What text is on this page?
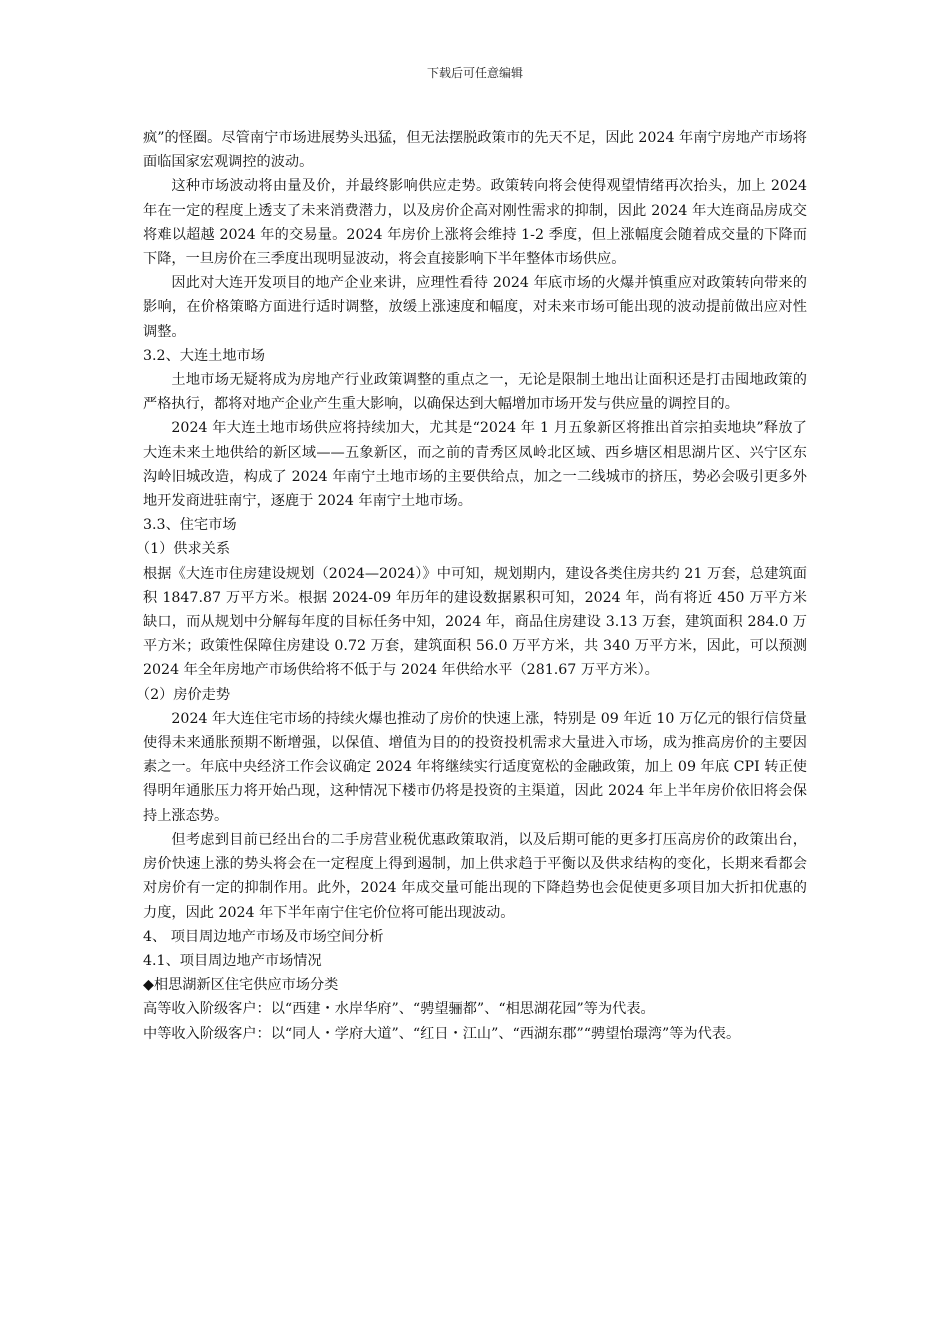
下载后可任意编辑

疯”的怪圈。尽管南宁市场进展势头迅猛，但无法摆脱政策市的先天不足，因此 2024 年南宁房地产市场将面临国家宏观调控的波动。

这种市场波动将由量及价，并最终影响供应走势。政策转向将会使得观望情绪再次抬头，加上 2024 年在一定的程度上透支了未来消费潜力，以及房价企高对刚性需求的抑制，因此 2024 年大连商品房成交将难以超越 2024 年的交易量。2024 年房价上涨将会维持 1-2 季度，但上涨幅度会随着成交量的下降而下降，一旦房价在三季度出现明显波动，将会直接影响下半年整体市场供应。

因此对大连开发项目的地产企业来讲，应理性看待 2024 年底市场的火爆并慎重应对政策转向带来的影响，在价格策略方面进行适时调整，放缓上涨速度和幅度，对未来市场可能出现的波动提前做出应对性调整。

3.2、大连土地市场

土地市场无疑将成为房地产行业政策调整的重点之一，无论是限制土地出让面积还是打击囤地政策的严格执行，都将对地产企业产生重大影响，以确保达到大幅增加市场开发与供应量的调控目的。

2024 年大连土地市场供应将持续加大，尤其是“2024 年 1 月五象新区将推出首宗拍卖地块”释放了大连未来土地供给的新区域——五象新区，而之前的青秀区凤岭北区域、西乡塘区相思湖片区、兴宁区东沟岭旧城改造，构成了 2024 年南宁土地市场的主要供给点，加之一二线城市的挤压，势必会吸引更多外地开发商进驻南宁，逐鹿于 2024 年南宁土地市场。

3.3、住宅市场

（1）供求关系

根据《大连市住房建设规划（2024—2024）》中可知，规划期内，建设各类住房共约 21 万套，总建筑面积 1847.87 万平方米。根据 2024-09 年历年的建设数据累积可知，2024 年，尚有将近 450 万平方米缺口，而从规划中分解每年度的目标任务中知，2024 年，商品住房建设 3.13 万套，建筑面积 284.0 万平方米；政策性保障住房建设 0.72 万套，建筑面积 56.0 万平方米，共 340 万平方米，因此，可以预测 2024 年全年房地产市场供给将不低于与 2024 年供给水平（281.67 万平方米）。

（2）房价走势

2024 年大连住宅市场的持续火爆也推动了房价的快速上涨，特别是 09 年近 10 万亿元的银行信贷量使得未来通胀预期不断增强，以保值、增值为目的的投资投机需求大量进入市场，成为推高房价的主要因素之一。年底中央经济工作会议确定 2024 年将继续实行适度宽松的金融政策，加上 09 年底 CPI 转正使得明年通胀压力将开始凸现，这种情况下楼市仍将是投资的主渠道，因此 2024 年上半年房价依旧将会保持上涨态势。

但考虑到目前已经出台的二手房营业税优惠政策取消，以及后期可能的更多打压高房价的政策出台，房价快速上涨的势头将会在一定程度上得到遏制，加上供求趋于平衡以及供求结构的变化，长期来看都会对房价有一定的抑制作用。此外，2024 年成交量可能出现的下降趋势也会促使更多项目加大折扣优惠的力度，因此 2024 年下半年南宁住宅价位将可能出现波动。

4、 项目周边地产市场及市场空间分析

4.1、项目周边地产市场情况

◆相思湖新区住宅供应市场分类

高等收入阶级客户：以“西建・水岸华府”、“骋望骊都”、“相思湖花园”等为代表。

中等收入阶级客户：以“同人・学府大道”、“红日・江山”、“西湖东郡”“骋望怡璟湾”等为代表。
